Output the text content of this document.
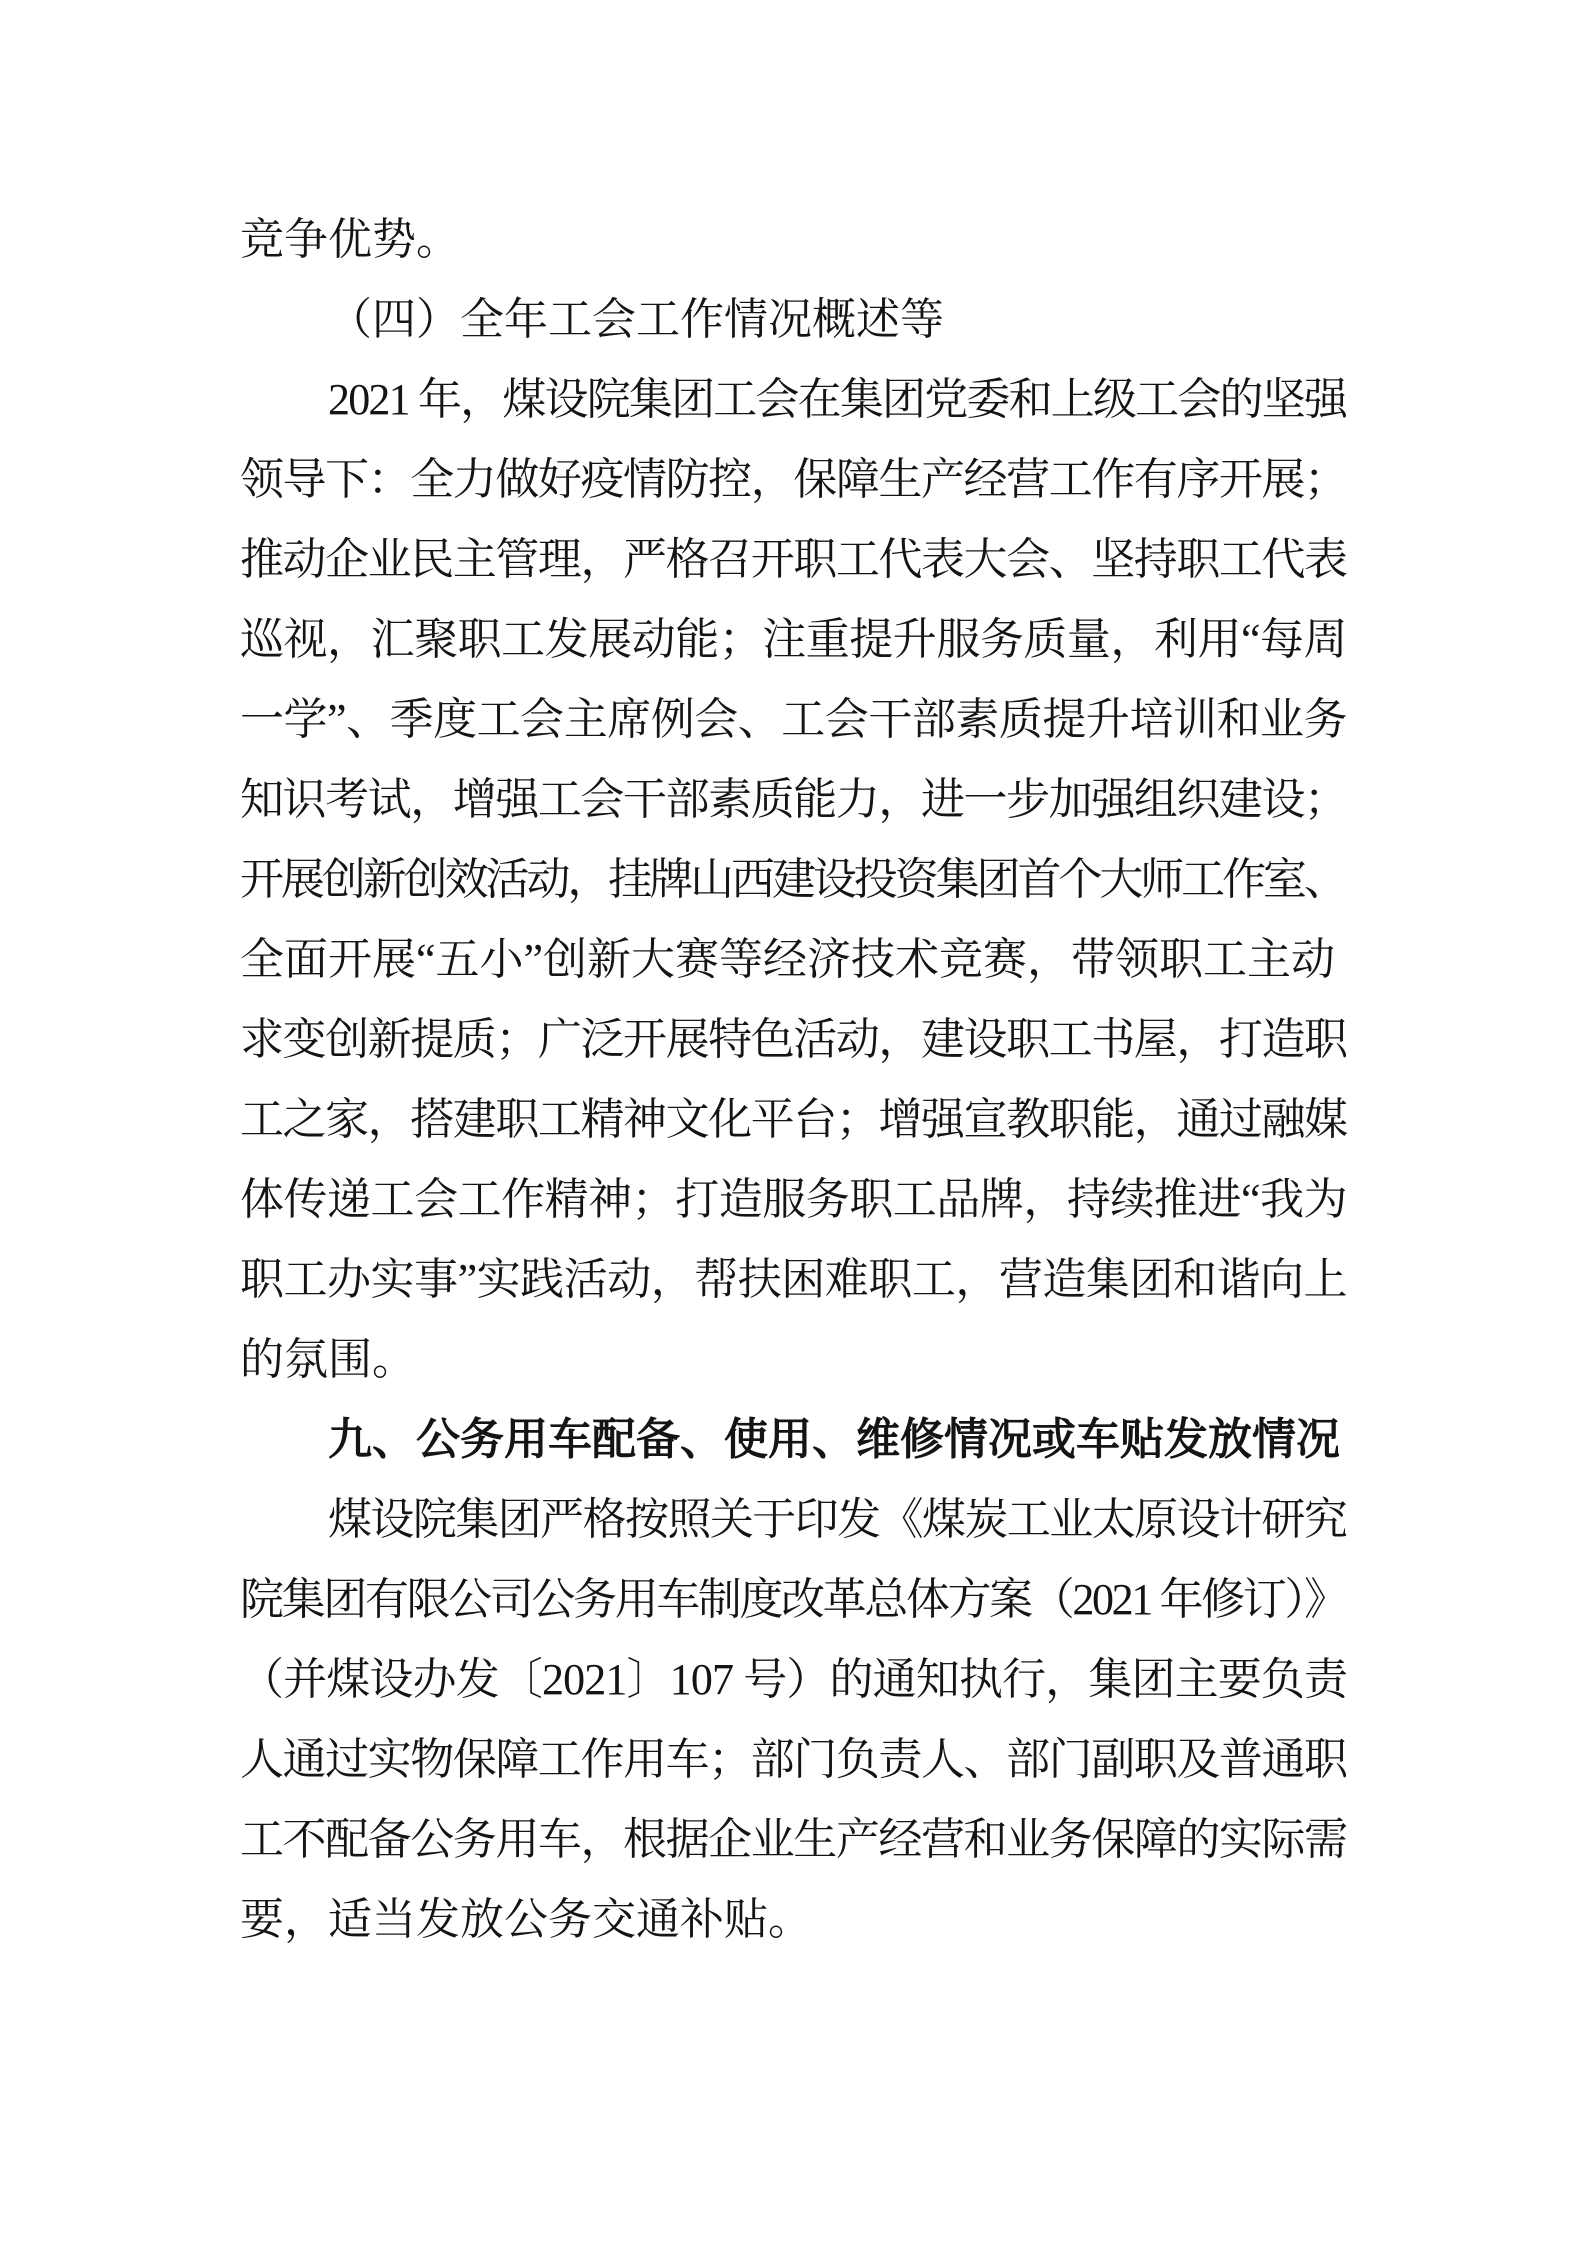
竞争优势。
（四）全年工会工作情况概述等
2021 年，煤设院集团工会在集团党委和上级工会的坚强
领导下：全力做好疫情防控，保障生产经营工作有序开展；
推动企业民主管理，严格召开职工代表大会、坚持职工代表
巡视，汇聚职工发展动能；注重提升服务质量，利用“每周
一学”、季度工会主席例会、工会干部素质提升培训和业务
知识考试，增强工会干部素质能力，进一步加强组织建设；
开展创新创效活动，挂牌山西建设投资集团首个大师工作室、
全面开展“五小”创新大赛等经济技术竞赛，带领职工主动
求变创新提质；广泛开展特色活动，建设职工书屋，打造职
工之家，搭建职工精神文化平台；增强宣教职能，通过融媒
体传递工会工作精神；打造服务职工品牌，持续推进“我为
职工办实事”实践活动，帮扶困难职工，营造集团和谐向上
的氛围。
九、公务用车配备、使用、维修情况或车贴发放情况
煤设院集团严格按照关于印发《煤炭工业太原设计研究
院集团有限公司公务用车制度改革总体方案（2021 年修订）》
（并煤设办发〔2021〕107 号）的通知执行，集团主要负责
人通过实物保障工作用车；部门负责人、部门副职及普通职
工不配备公务用车，根据企业生产经营和业务保障的实际需
要，适当发放公务交通补贴。
